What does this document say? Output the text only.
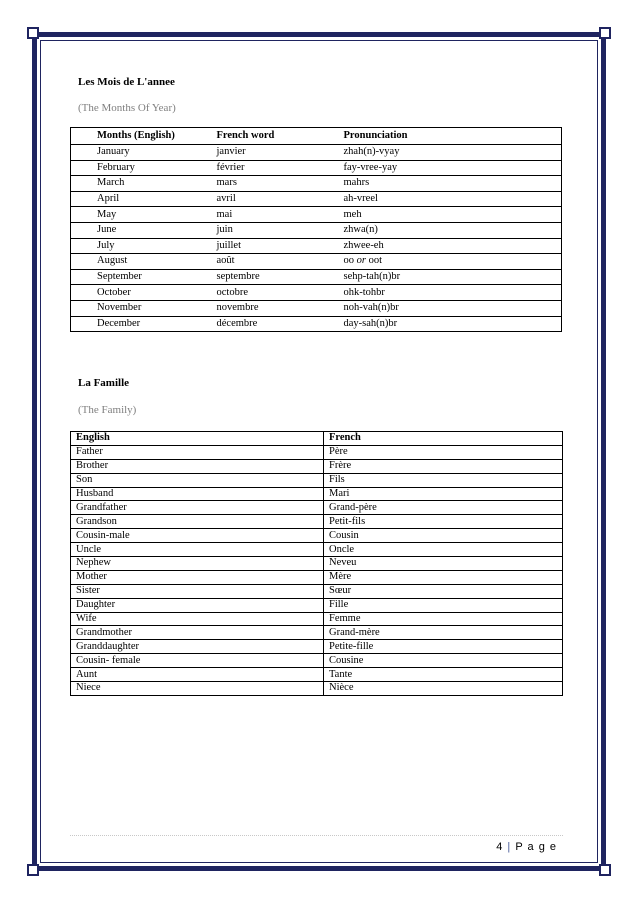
Les Mois de L'annee
(The Months Of Year)
Months (English)	French word	Pronunciation
January	janvier	zhah(n)-vyay
February	février	fay-vree-yay
March	mars	mahrs
April	avril	ah-vreel
May	mai	meh
June	juin	zhwa(n)
July	juillet	zhwee-eh
August	août	oo or oot
September	septembre	sehp-tah(n)br
October	octobre	ohk-tohbr
November	novembre	noh-vah(n)br
December	décembre	day-sah(n)br
La Famille
(The Family)
English	French
Father	Père
Brother	Frère
Son	Fils
Husband	Mari
Grandfather	Grand-père
Grandson	Petit-fils
Cousin-male	Cousin
Uncle	Oncle
Nephew	Neveu
Mother	Mère
Sister	Sœur
Daughter	Fille
Wife	Femme
Grandmother	Grand-mère
Granddaughter	Petite-fille
Cousin- female	Cousine
Aunt	Tante
Niece	Nièce
4 | P a g e
